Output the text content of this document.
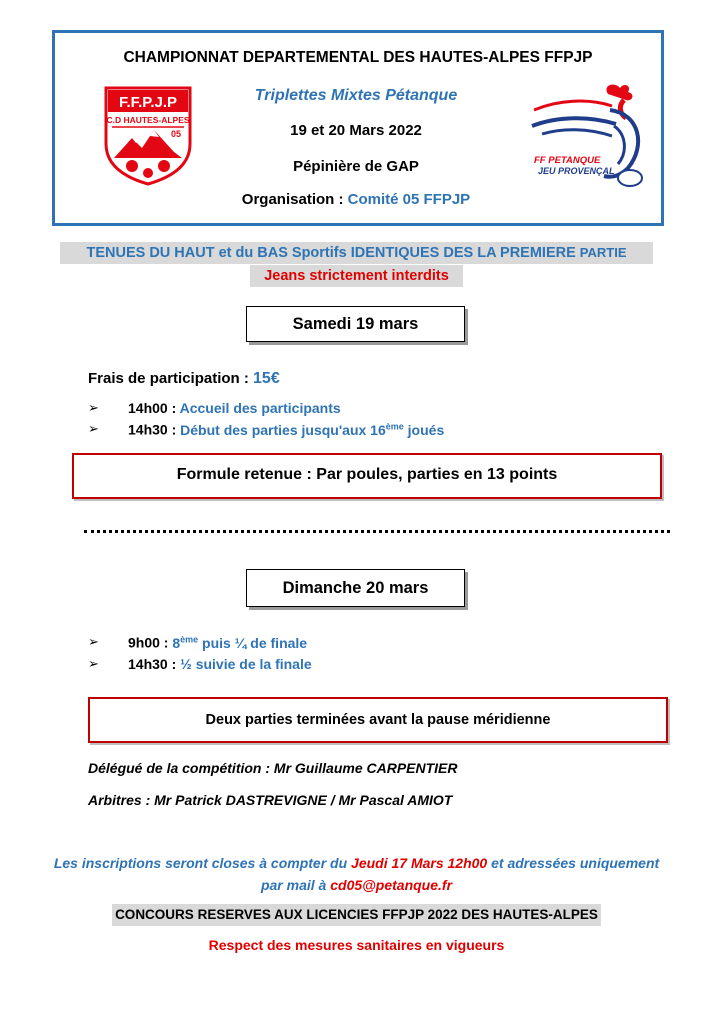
CHAMPIONNAT DEPARTEMENTAL DES HAUTES-ALPES FFPJP
Triplettes Mixtes Pétanque
19 et 20 Mars 2022
Pépinière de GAP
Organisation : Comité 05 FFPJP
F.F.P.J.P
C.D HAUTES-ALPES
05
FF PETANQUE
JEU PROVENÇAL
TENUES DU HAUT et du BAS Sportifs IDENTIQUES DES LA PREMIERE PARTIE
Jeans strictement interdits
Samedi 19 mars
Frais de participation : 15€
➢ 14h00 : Accueil des participants
➢ 14h30 : Début des parties jusqu'aux 16ème joués
Formule retenue : Par poules, parties en 13 points
Dimanche 20 mars
➢ 9h00 : 8ème puis ¼ de finale
➢ 14h30 : ½ suivie de la finale
Deux parties terminées avant la pause méridienne
Délégué de la compétition : Mr Guillaume CARPENTIER
Arbitres : Mr Patrick DASTREVIGNE / Mr Pascal AMIOT
Les inscriptions seront closes à compter du Jeudi 17 Mars 12h00 et adressées uniquement
par mail à cd05@petanque.fr
CONCOURS RESERVES AUX LICENCIES FFPJP 2022 DES HAUTES-ALPES
Respect des mesures sanitaires en vigueurs
